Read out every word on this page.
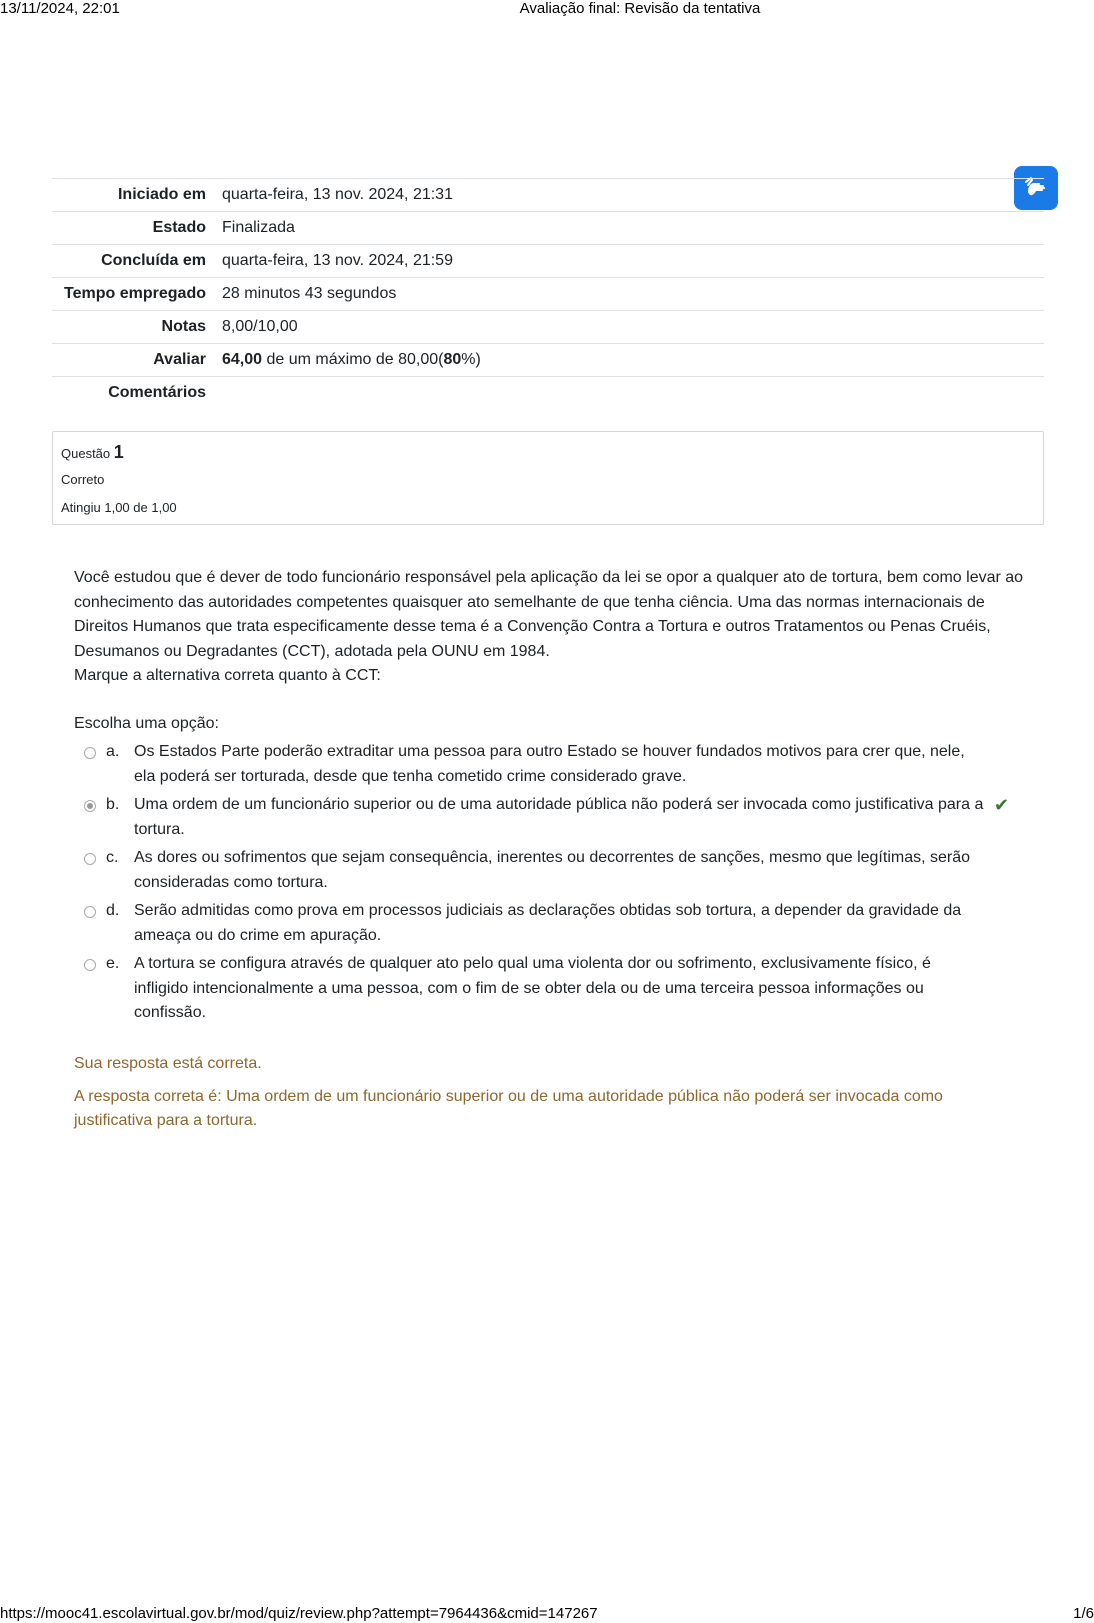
13/11/2024, 22:01	Avaliação final: Revisão da tentativa
Iniciado em	quarta-feira, 13 nov. 2024, 21:31
Estado	Finalizada
Concluída em	quarta-feira, 13 nov. 2024, 21:59
Tempo empregado	28 minutos 43 segundos
Notas	8,00/10,00
Avaliar	64,00 de um máximo de 80,00(80%)
Comentários	
Questão 1
Correto
Atingiu 1,00 de 1,00
Você estudou que é dever de todo funcionário responsável pela aplicação da lei se opor a qualquer ato de tortura, bem como levar ao conhecimento das autoridades competentes quaisquer ato semelhante de que tenha ciência. Uma das normas internacionais de Direitos Humanos que trata especificamente desse tema é a Convenção Contra a Tortura e outros Tratamentos ou Penas Cruéis, Desumanos ou Degradantes (CCT), adotada pela OUNU em 1984.
Marque a alternativa correta quanto à CCT:
Escolha uma opção:
a. Os Estados Parte poderão extraditar uma pessoa para outro Estado se houver fundados motivos para crer que, nele, ela poderá ser torturada, desde que tenha cometido crime considerado grave.
b. Uma ordem de um funcionário superior ou de uma autoridade pública não poderá ser invocada como justificativa para a tortura.
✔
c. As dores ou sofrimentos que sejam consequência, inerentes ou decorrentes de sanções, mesmo que legítimas, serão consideradas como tortura.
d. Serão admitidas como prova em processos judiciais as declarações obtidas sob tortura, a depender da gravidade da ameaça ou do crime em apuração.
e. A tortura se configura através de qualquer ato pelo qual uma violenta dor ou sofrimento, exclusivamente físico, é infligido intencionalmente a uma pessoa, com o fim de se obter dela ou de uma terceira pessoa informações ou confissão.
Sua resposta está correta.
A resposta correta é: Uma ordem de um funcionário superior ou de uma autoridade pública não poderá ser invocada como justificativa para a tortura.
https://mooc41.escolavirtual.gov.br/mod/quiz/review.php?attempt=7964436&cmid=147267	1/6
